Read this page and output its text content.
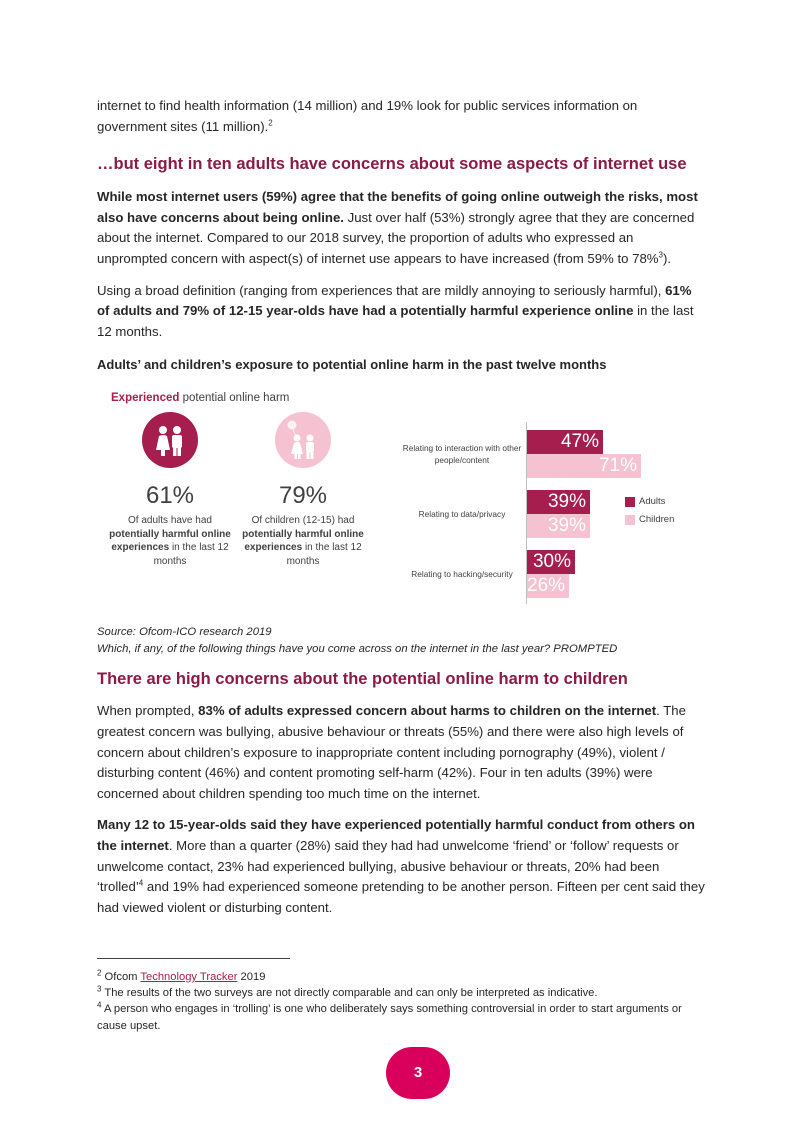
internet to find health information (14 million) and 19% look for public services information on government sites (11 million).$^2$

…but eight in ten adults have concerns about some aspects of internet use

While most internet users (59%) agree that the benefits of going online outweigh the risks, most also have concerns about being online. Just over half (53%) strongly agree that they are concerned about the internet. Compared to our 2018 survey, the proportion of adults who expressed an unprompted concern with aspect(s) of internet use appears to have increased (from 59% to 78%$^3$).

Using a broad definition (ranging from experiences that are mildly annoying to seriously harmful), 61% of adults and 79% of 12-15 year-olds have had a potentially harmful experience online in the last 12 months.

Adults’ and children’s exposure to potential online harm in the past twelve months
Experienced potential online harm
61%	79%
Of adults have had
potentially harmful online experiences in the last 12 months
Of children (12-15) had
potentially harmful online experiences in the last 12 months
Relating to interaction with other people/content
47%
71%
Relating to data/privacy
39%
39%
Relating to hacking/security
30%
26%
Adults
Children
Source: Ofcom-ICO research 2019
Which, if any, of the following things have you come across on the internet in the last year? PROMPTED
There are high concerns about the potential online harm to children

When prompted, 83% of adults expressed concern about harms to children on the internet. The greatest concern was bullying, abusive behaviour or threats (55%) and there were also high levels of concern about children’s exposure to inappropriate content including pornography (49%), violent / disturbing content (46%) and content promoting self-harm (42%). Four in ten adults (39%) were concerned about children spending too much time on the internet.

Many 12 to 15-year-olds said they have experienced potentially harmful conduct from others on the internet. More than a quarter (28%) said they had had unwelcome ‘friend’ or ‘follow’ requests or unwelcome contact, 23% had experienced bullying, abusive behaviour or threats, 20% had been ‘trolled’$^4$ and 19% had experienced someone pretending to be another person. Fifteen per cent said they had viewed violent or disturbing content.

$^2$ Ofcom Technology Tracker 2019
$^3$ The results of the two surveys are not directly comparable and can only be interpreted as indicative.
$^4$ A person who engages in ‘trolling’ is one who deliberately says something controversial in order to start arguments or cause upset.
3
